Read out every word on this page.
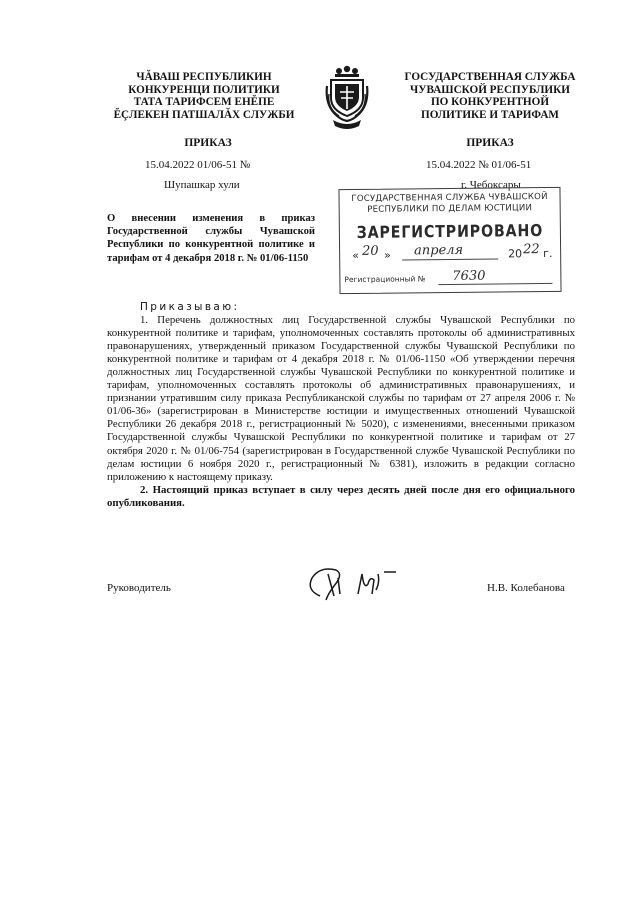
ЧĂВАШ РЕСПУБЛИКИН
КОНКУРЕНЦИ ПОЛИТИКИ
ТАТА ТАРИФСЕМ ЕНĔПЕ
ĔÇЛЕКЕН ПАТШАЛĂХ СЛУЖБИ
ГОСУДАРСТВЕННАЯ СЛУЖБА
ЧУВАШСКОЙ РЕСПУБЛИКИ
ПО КОНКУРЕНТНОЙ
ПОЛИТИКЕ И ТАРИФАМ
ПРИКАЗ
15.04.2022 01/06-51 №
Шупашкар хули
ПРИКАЗ
15.04.2022 № 01/06-51
г. Чебоксары
ГОСУДАРСТВЕННАЯ СЛУЖБА ЧУВАШСКОЙ
РЕСПУБЛИКИ ПО ДЕЛАМ ЮСТИЦИИ
ЗАРЕГИСТРИРОВАНО
« 20 » апреля	20 22 г.
Регистрационный № 7630
О внесении изменения в приказ Государственной службы Чувашской Республики по конкурентной политике и тарифам от 4 декабря 2018 г. № 01/06-1150

Приказываю:

1. Перечень должностных лиц Государственной службы Чувашской Республики по конкурентной политике и тарифам, уполномоченных составлять протоколы об административных правонарушениях, утвержденный приказом Государственной службы Чувашской Республики по конкурентной политике и тарифам от 4 декабря 2018 г. № 01/06-1150 «Об утверждении перечня должностных лиц Государственной службы Чувашской Республики по конкурентной политике и тарифам, уполномоченных составлять протоколы об административных правонарушениях, и признании утратившим силу приказа Республиканской службы по тарифам от 27 апреля 2006 г. № 01/06-36» (зарегистрирован в Министерстве юстиции и имущественных отношений Чувашской Республики 26 декабря 2018 г., регистрационный № 5020), с изменениями, внесенными приказом Государственной службы Чувашской Республики по конкурентной политике и тарифам от 27 октября 2020 г. № 01/06-754 (зарегистрирован в Государственной службе Чувашской Республики по делам юстиции 6 ноября 2020 г., регистрационный № 6381), изложить в редакции согласно приложению к настоящему приказу.

2. Настоящий приказ вступает в силу через десять дней после дня его официального опубликования.

Руководитель	Н.В. Колебанова
